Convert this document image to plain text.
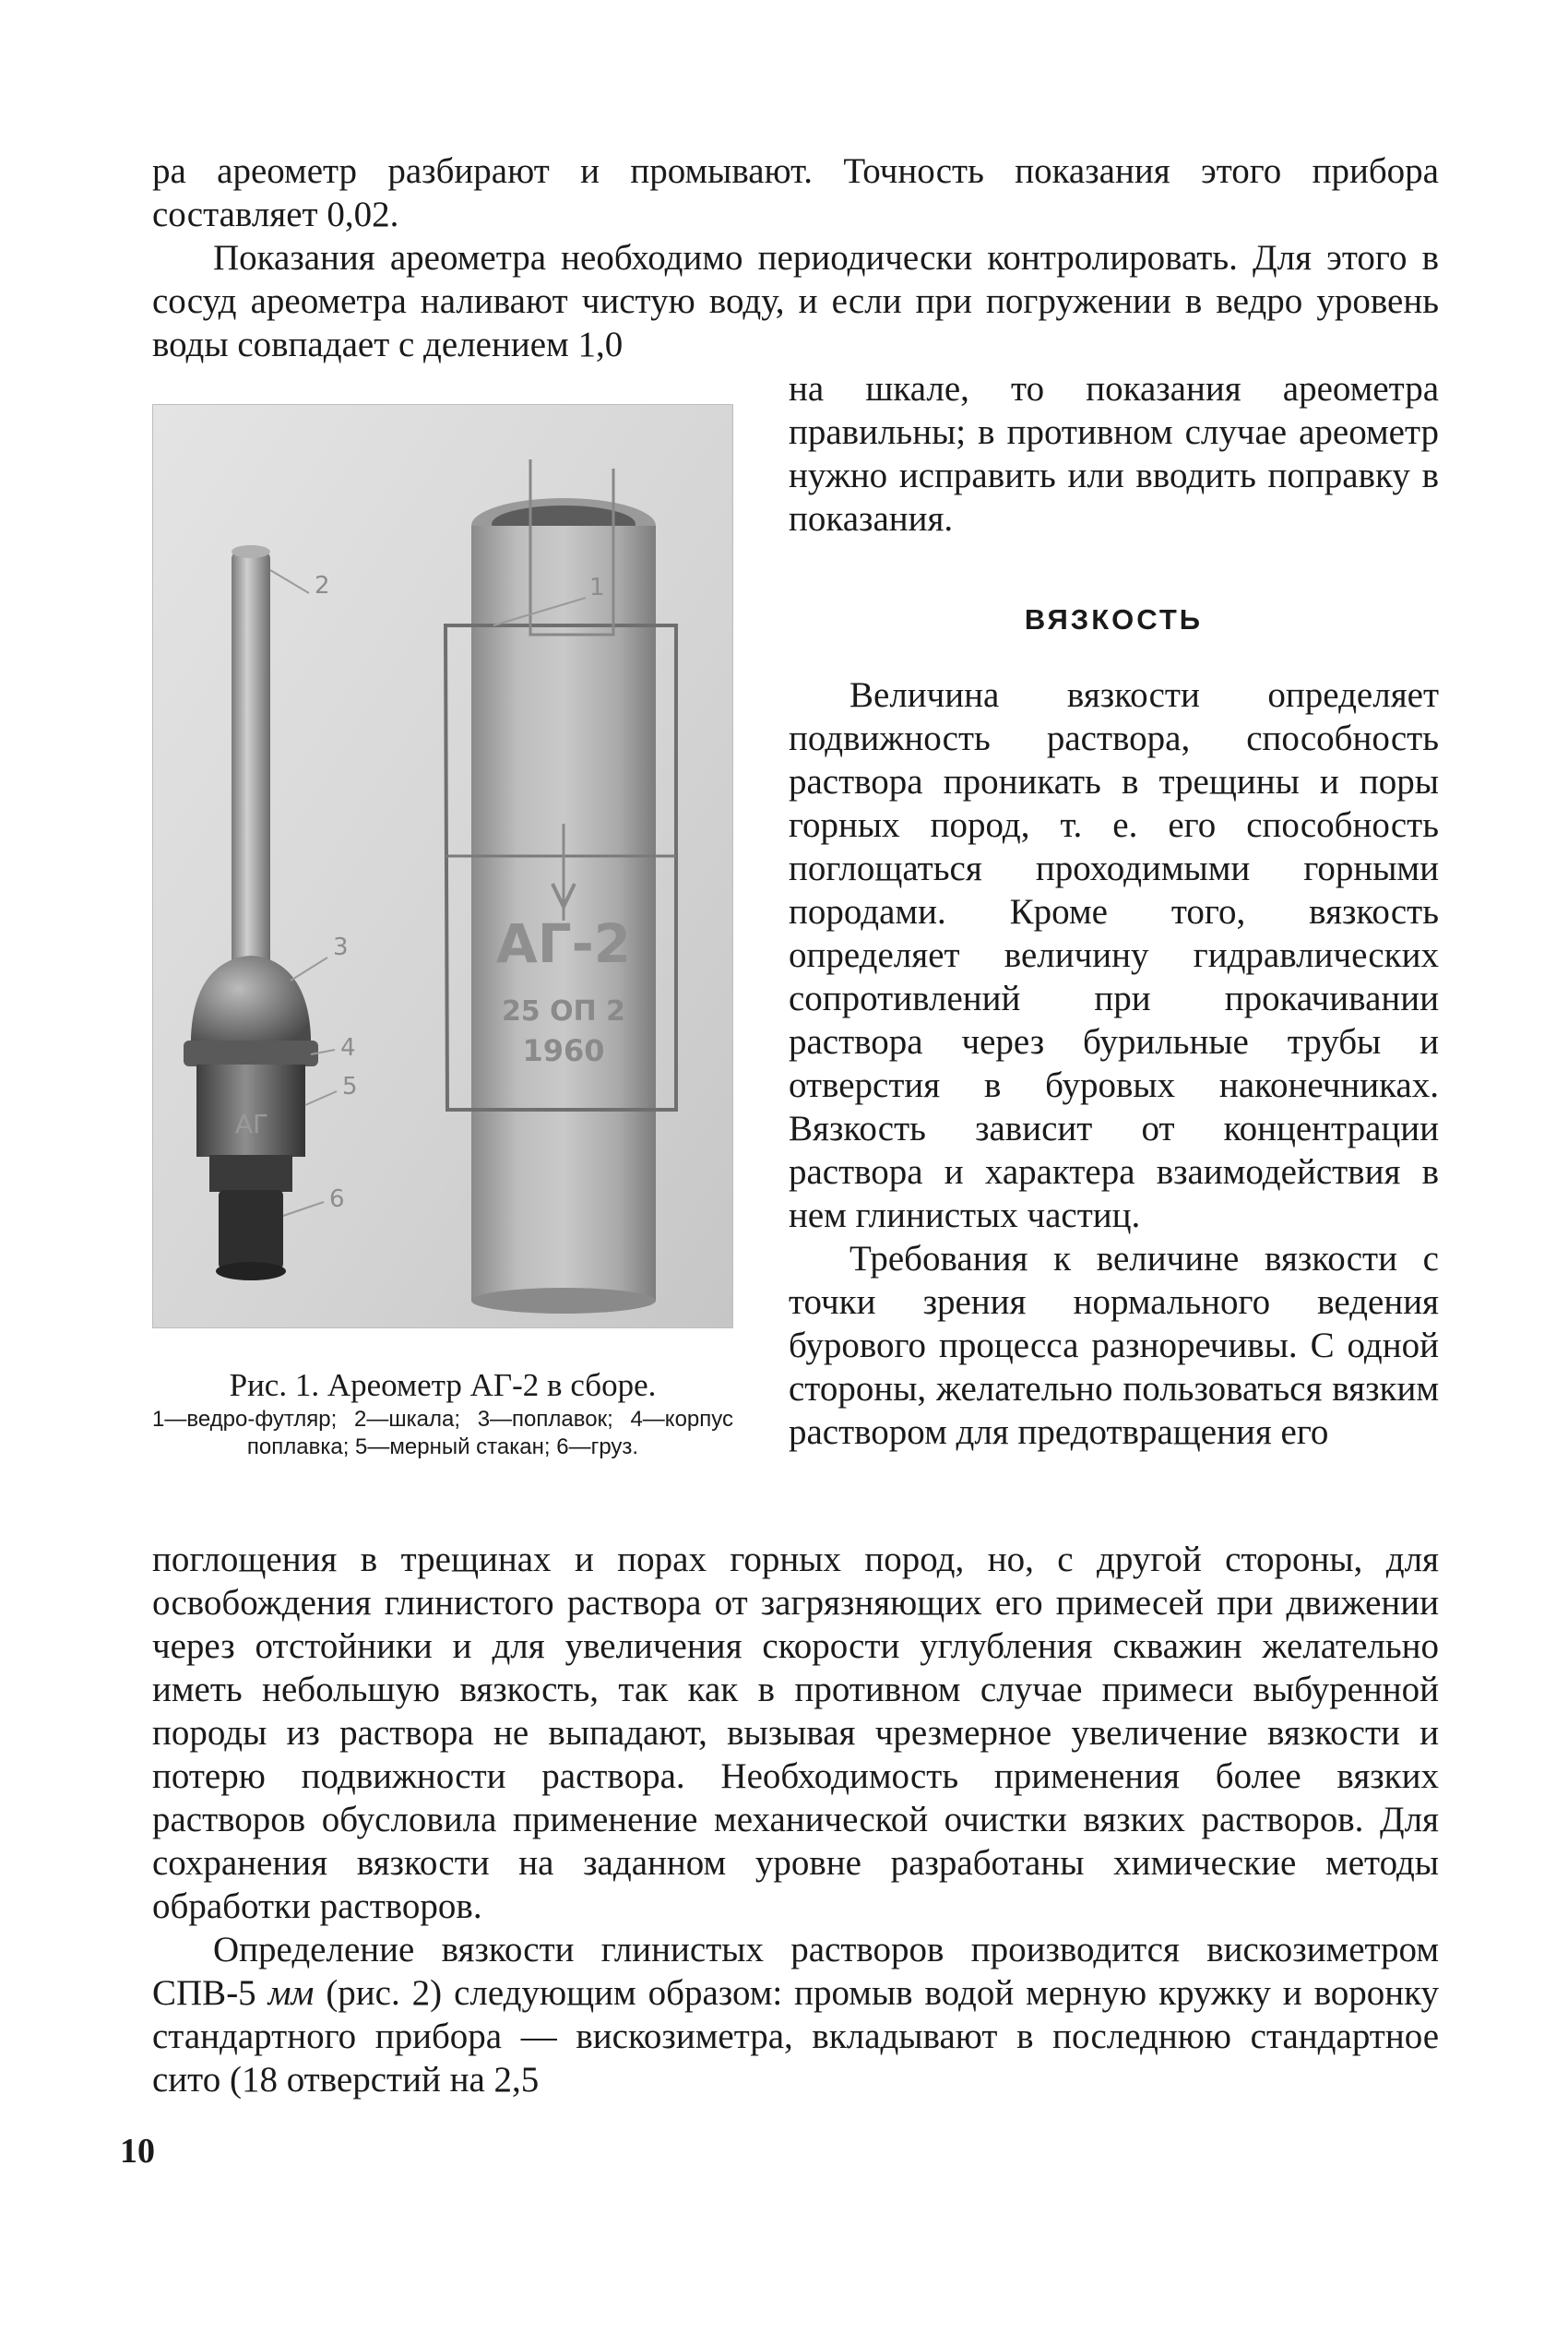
ра ареометр разбирают и промывают. Точность показания этого прибора составляет 0,02.

Показания ареометра необходимо периодически контролировать. Для этого в сосуд ареометра наливают чистую воду, и если при погружении в ведро уровень воды совпадает с делением 1,0

АГ-2
25 ОП 2
1960
АГ
1
2
3
4
5
6

на шкале, то показания ареометра правильны; в противном случае ареометр нужно исправить или вводить поправку в показания.

ВЯЗКОСТЬ

Величина вязкости определяет подвижность раствора, способность раствора проникать в трещины и поры горных пород, т. е. его способность поглощаться проходимыми горными породами. Кроме того, вязкость определяет величину гидравлических сопротивлений при прокачивании раствора через бурильные трубы и отверстия в буровых наконечниках. Вязкость зависит от концентрации раствора и характера взаимодействия в нем глинистых частиц.

Требования к величине вязкости с точки зрения нормального ведения бурового процесса разноречивы. С одной стороны, желательно пользоваться вязким раствором для предотвращения его

Рис. 1. Ареометр АГ-2 в сборе.
1—ведро-футляр; 2—шкала; 3—поплавок; 4—корпус поплавка; 5—мерный стакан; 6—груз.

поглощения в трещинах и порах горных пород, но, с другой стороны, для освобождения глинистого раствора от загрязняющих его примесей при движении через отстойники и для увеличения скорости углубления скважин желательно иметь небольшую вязкость, так как в противном случае примеси выбуренной породы из раствора не выпадают, вызывая чрезмерное увеличение вязкости и потерю подвижности раствора. Необходимость применения более вязких растворов обусловила применение механической очистки вязких растворов. Для сохранения вязкости на заданном уровне разработаны химические методы обработки растворов.

Определение вязкости глинистых растворов производится вискозиметром СПВ-5 мм (рис. 2) следующим образом: промыв водой мерную кружку и воронку стандартного прибора — вискозиметра, вкладывают в последнюю стандартное сито (18 отверстий на 2,5

10
